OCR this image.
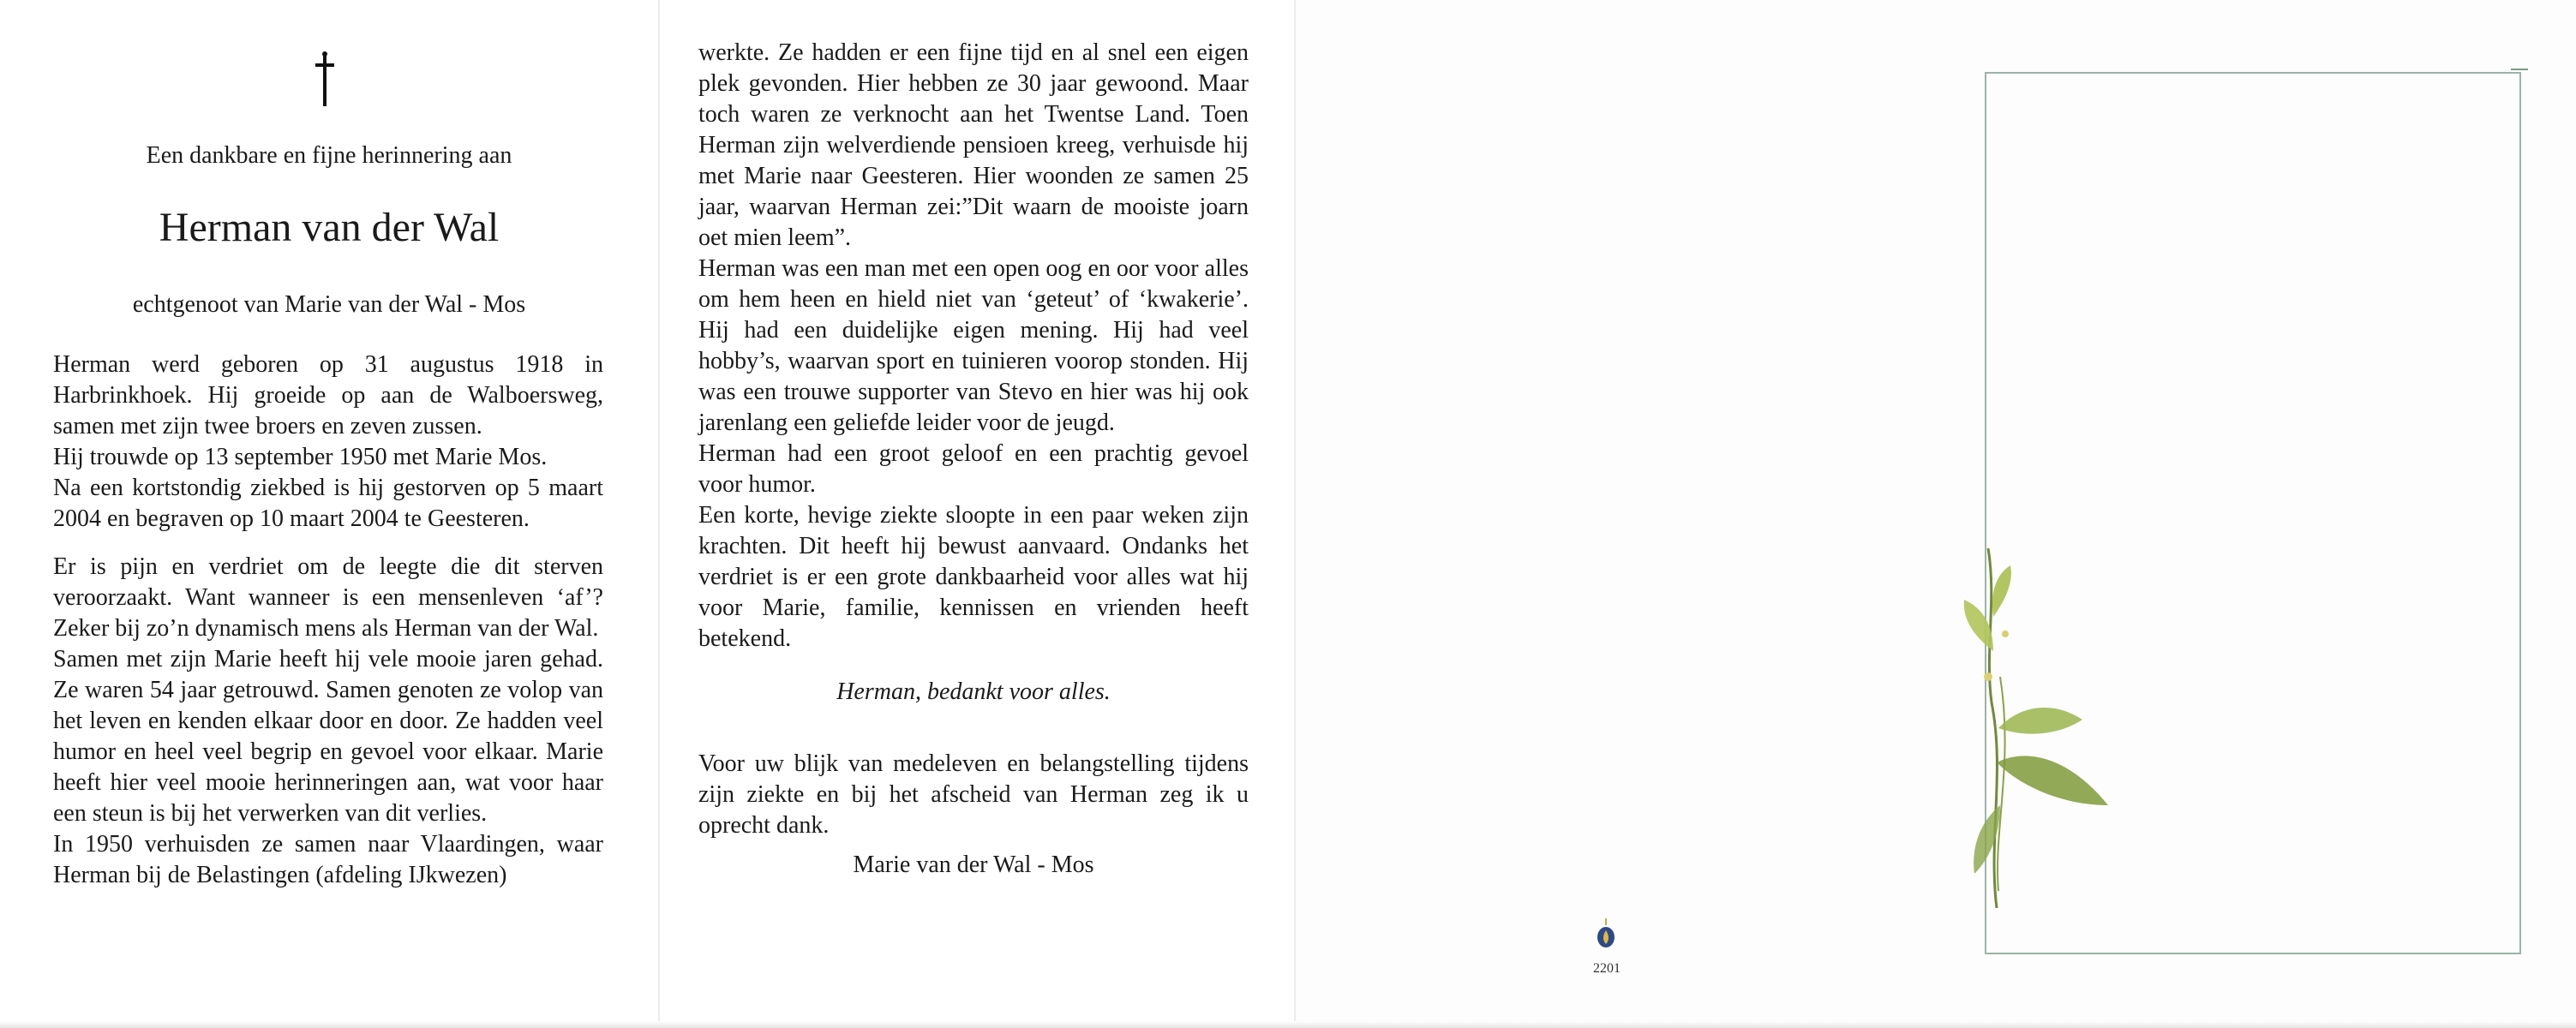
Een dankbare en fijne herinnering aan
Herman van der Wal
echtgenoot van Marie van der Wal - Mos

Herman werd geboren op 31 augustus 1918 in Harbrinkhoek. Hij groeide op aan de Walboersweg, samen met zijn twee broers en zeven zussen.

Hij trouwde op 13 september 1950 met Marie Mos.

Na een kortstondig ziekbed is hij gestorven op 5 maart 2004 en begraven op 10 maart 2004 te Geesteren.

Er is pijn en verdriet om de leegte die dit sterven veroorzaakt. Want wanneer is een mensenleven ‘af’? Zeker bij zo’n dynamisch mens als Herman van der Wal.

Samen met zijn Marie heeft hij vele mooie jaren gehad. Ze waren 54 jaar getrouwd. Samen genoten ze volop van het leven en kenden elkaar door en door. Ze hadden veel humor en heel veel begrip en gevoel voor elkaar. Marie heeft hier veel mooie herinneringen aan, wat voor haar een steun is bij het verwerken van dit verlies.

In 1950 verhuisden ze samen naar Vlaardingen, waar Herman bij de Belastingen (afdeling IJkwezen)

werkte. Ze hadden er een fijne tijd en al snel een eigen plek gevonden. Hier hebben ze 30 jaar gewoond. Maar toch waren ze verknocht aan het Twentse Land. Toen Herman zijn welverdiende pensioen kreeg, verhuisde hij met Marie naar Geesteren. Hier woonden ze samen 25 jaar, waarvan Herman zei:”Dit waarn de mooiste joarn oet mien leem”.

Herman was een man met een open oog en oor voor alles om hem heen en hield niet van ‘geteut’ of ‘kwakerie’. Hij had een duidelijke eigen mening. Hij had veel hobby’s, waarvan sport en tuinieren voorop stonden. Hij was een trouwe supporter van Stevo en hier was hij ook jarenlang een geliefde leider voor de jeugd.

Herman had een groot geloof en een prachtig gevoel voor humor.

Een korte, hevige ziekte sloopte in een paar weken zijn krachten. Dit heeft hij bewust aanvaard. Ondanks het verdriet is er een grote dankbaarheid voor alles wat hij voor Marie, familie, kennissen en vrienden heeft betekend.

Herman, bedankt voor alles.

Voor uw blijk van medeleven en belangstelling tijdens zijn ziekte en bij het afscheid van Herman zeg ik u oprecht dank.

Marie van der Wal - Mos

2201
